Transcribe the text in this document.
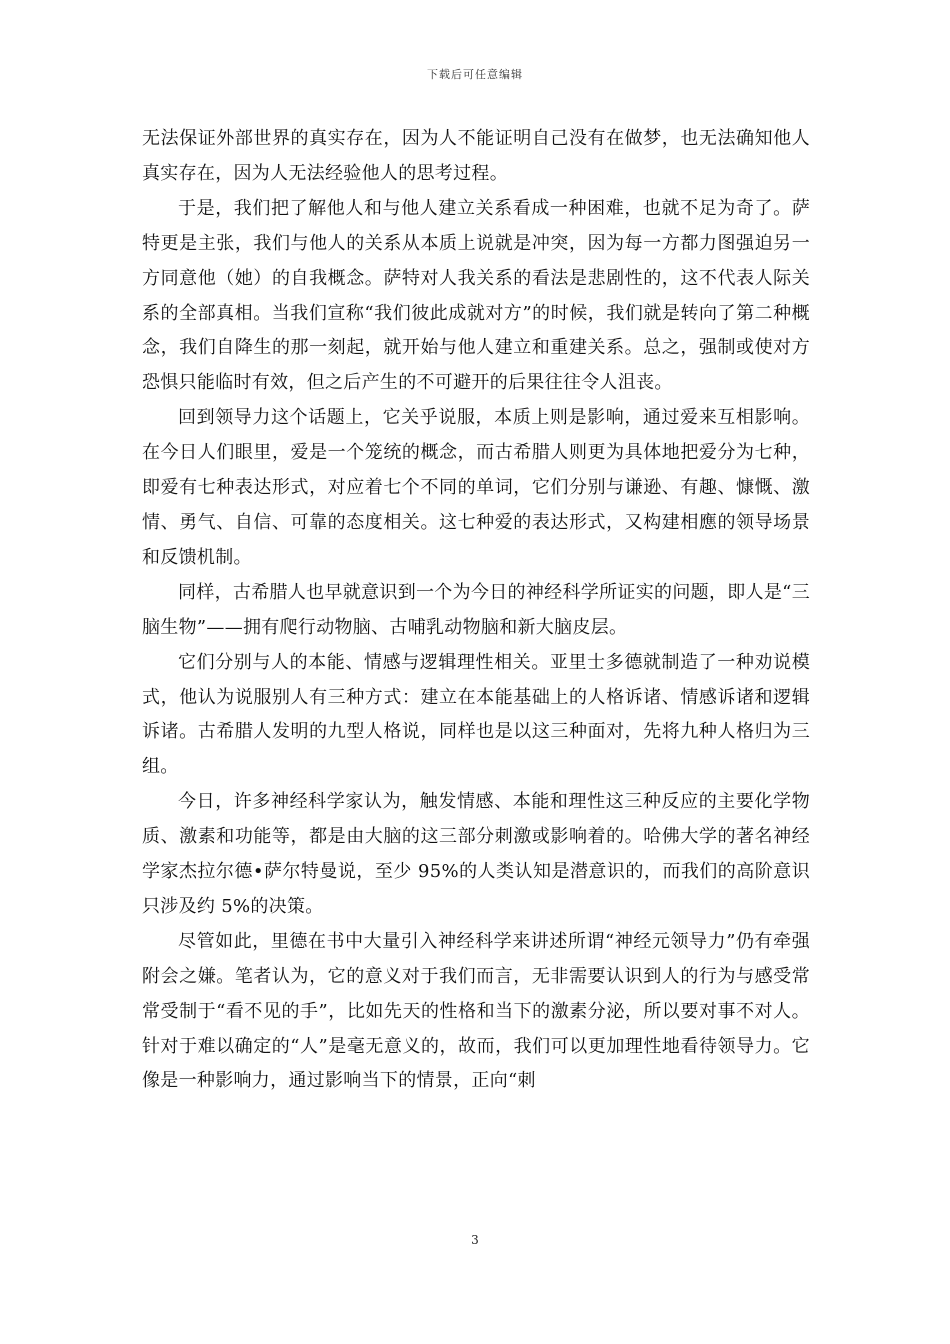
下载后可任意编辑

无法保证外部世界的真实存在，因为人不能证明自己没有在做梦，也无法确知他人真实存在，因为人无法经验他人的思考过程。

于是，我们把了解他人和与他人建立关系看成一种困难，也就不足为奇了。萨特更是主张，我们与他人的关系从本质上说就是冲突，因为每一方都力图强迫另一方同意他（她）的自我概念。萨特对人我关系的看法是悲剧性的，这不代表人际关系的全部真相。当我们宣称“我们彼此成就对方”的时候，我们就是转向了第二种概念，我们自降生的那一刻起，就开始与他人建立和重建关系。总之，强制或使对方恐惧只能临时有效，但之后产生的不可避开的后果往往令人沮丧。

回到领导力这个话题上，它关乎说服，本质上则是影响，通过爱来互相影响。在今日人们眼里，爱是一个笼统的概念，而古希腊人则更为具体地把爱分为七种，即爱有七种表达形式，对应着七个不同的单词，它们分别与谦逊、有趣、慷慨、激情、勇气、自信、可靠的态度相关。这七种爱的表达形式，又构建相應的领导场景和反馈机制。

同样，古希腊人也早就意识到一个为今日的神经科学所证实的问题，即人是“三脑生物”——拥有爬行动物脑、古哺乳动物脑和新大脑皮层。

它们分别与人的本能、情感与逻辑理性相关。亚里士多德就制造了一种劝说模式，他认为说服别人有三种方式：建立在本能基础上的人格诉诸、情感诉诸和逻辑诉诸。古希腊人发明的九型人格说，同样也是以这三种面对，先将九种人格归为三组。

今日，许多神经科学家认为，触发情感、本能和理性这三种反应的主要化学物质、激素和功能等，都是由大脑的这三部分刺激或影响着的。哈佛大学的著名神经学家杰拉尔德•萨尔特曼说，至少 95%的人类认知是潜意识的，而我们的高阶意识只涉及约 5%的决策。

尽管如此，里德在书中大量引入神经科学来讲述所谓“神经元领导力”仍有牵强附会之嫌。笔者认为，它的意义对于我们而言，无非需要认识到人的行为与感受常常受制于“看不见的手”，比如先天的性格和当下的激素分泌，所以要对事不对人。针对于难以确定的“人”是毫无意义的，故而，我们可以更加理性地看待领导力。它像是一种影响力，通过影响当下的情景，正向“刺

3
